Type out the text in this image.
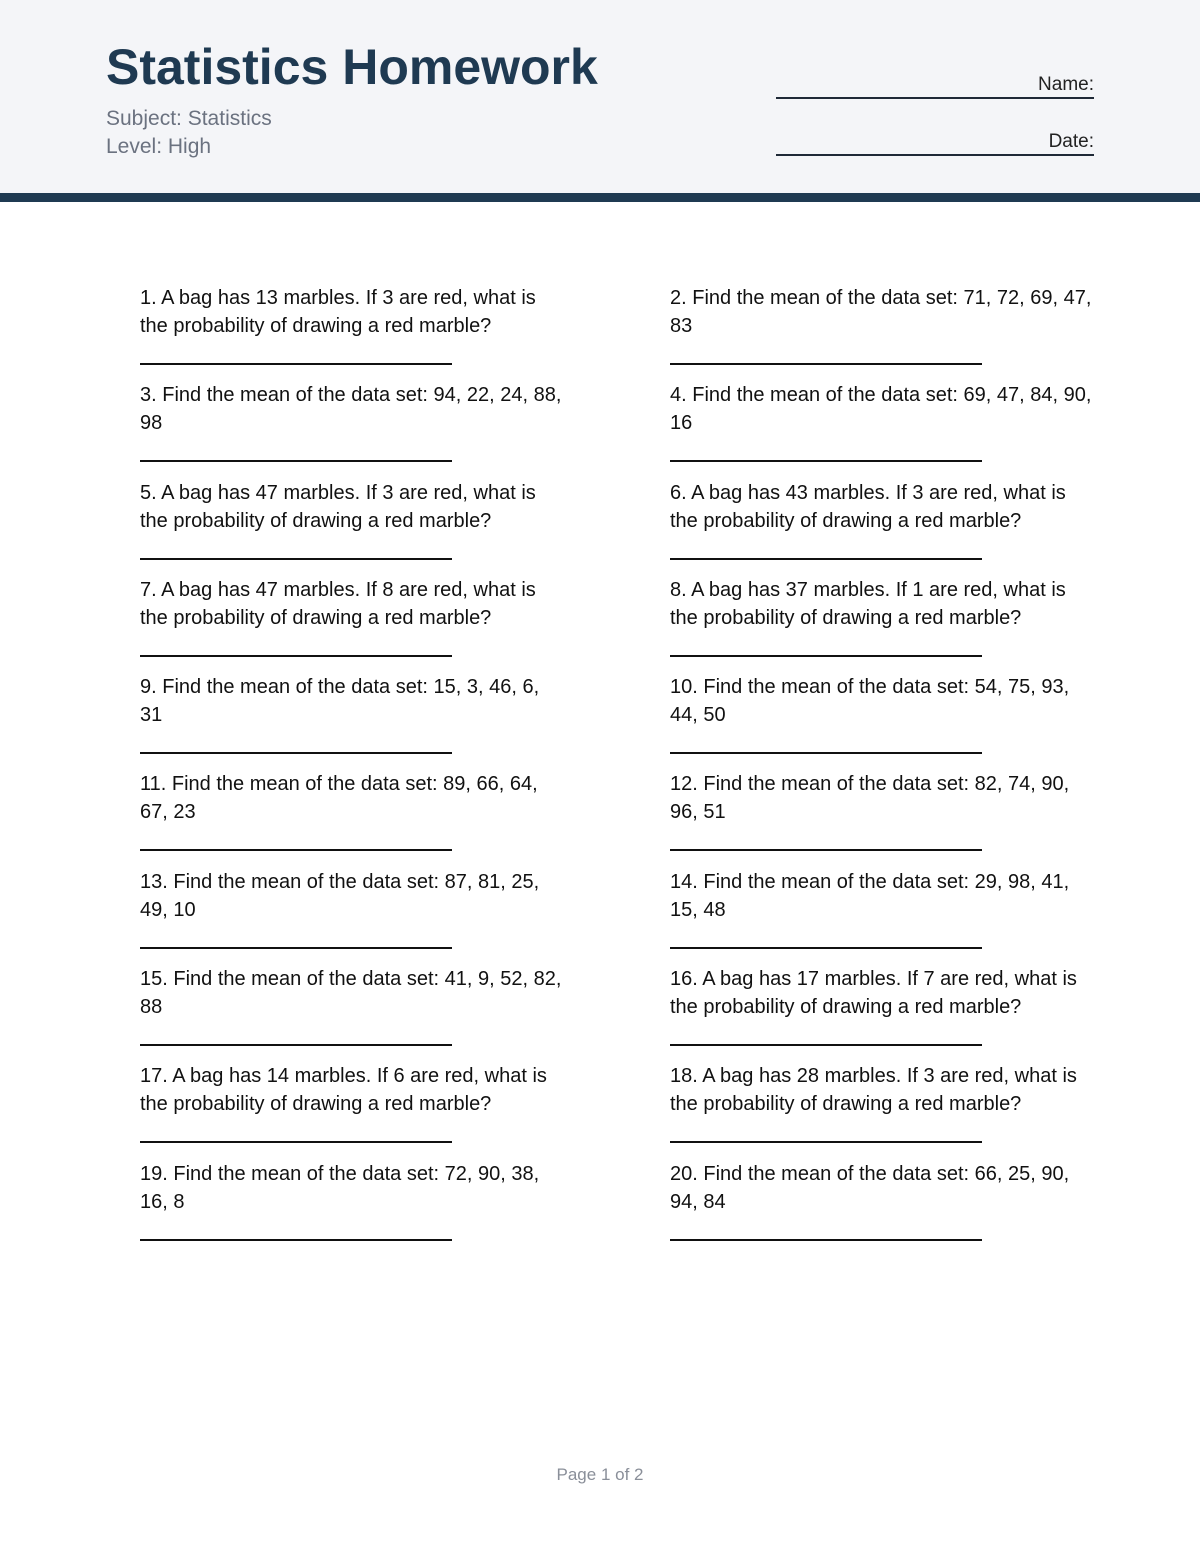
Statistics Homework
Subject: Statistics
Level: High
Name:
Date:
1. A bag has 13 marbles. If 3 are red, what is the probability of drawing a red marble?
2. Find the mean of the data set: 71, 72, 69, 47, 83
3. Find the mean of the data set: 94, 22, 24, 88, 98
4. Find the mean of the data set: 69, 47, 84, 90, 16
5. A bag has 47 marbles. If 3 are red, what is the probability of drawing a red marble?
6. A bag has 43 marbles. If 3 are red, what is the probability of drawing a red marble?
7. A bag has 47 marbles. If 8 are red, what is the probability of drawing a red marble?
8. A bag has 37 marbles. If 1 are red, what is the probability of drawing a red marble?
9. Find the mean of the data set: 15, 3, 46, 6, 31
10. Find the mean of the data set: 54, 75, 93, 44, 50
11. Find the mean of the data set: 89, 66, 64, 67, 23
12. Find the mean of the data set: 82, 74, 90, 96, 51
13. Find the mean of the data set: 87, 81, 25, 49, 10
14. Find the mean of the data set: 29, 98, 41, 15, 48
15. Find the mean of the data set: 41, 9, 52, 82, 88
16. A bag has 17 marbles. If 7 are red, what is the probability of drawing a red marble?
17. A bag has 14 marbles. If 6 are red, what is the probability of drawing a red marble?
18. A bag has 28 marbles. If 3 are red, what is the probability of drawing a red marble?
19. Find the mean of the data set: 72, 90, 38, 16, 8
20. Find the mean of the data set: 66, 25, 90, 94, 84
Page 1 of 2
